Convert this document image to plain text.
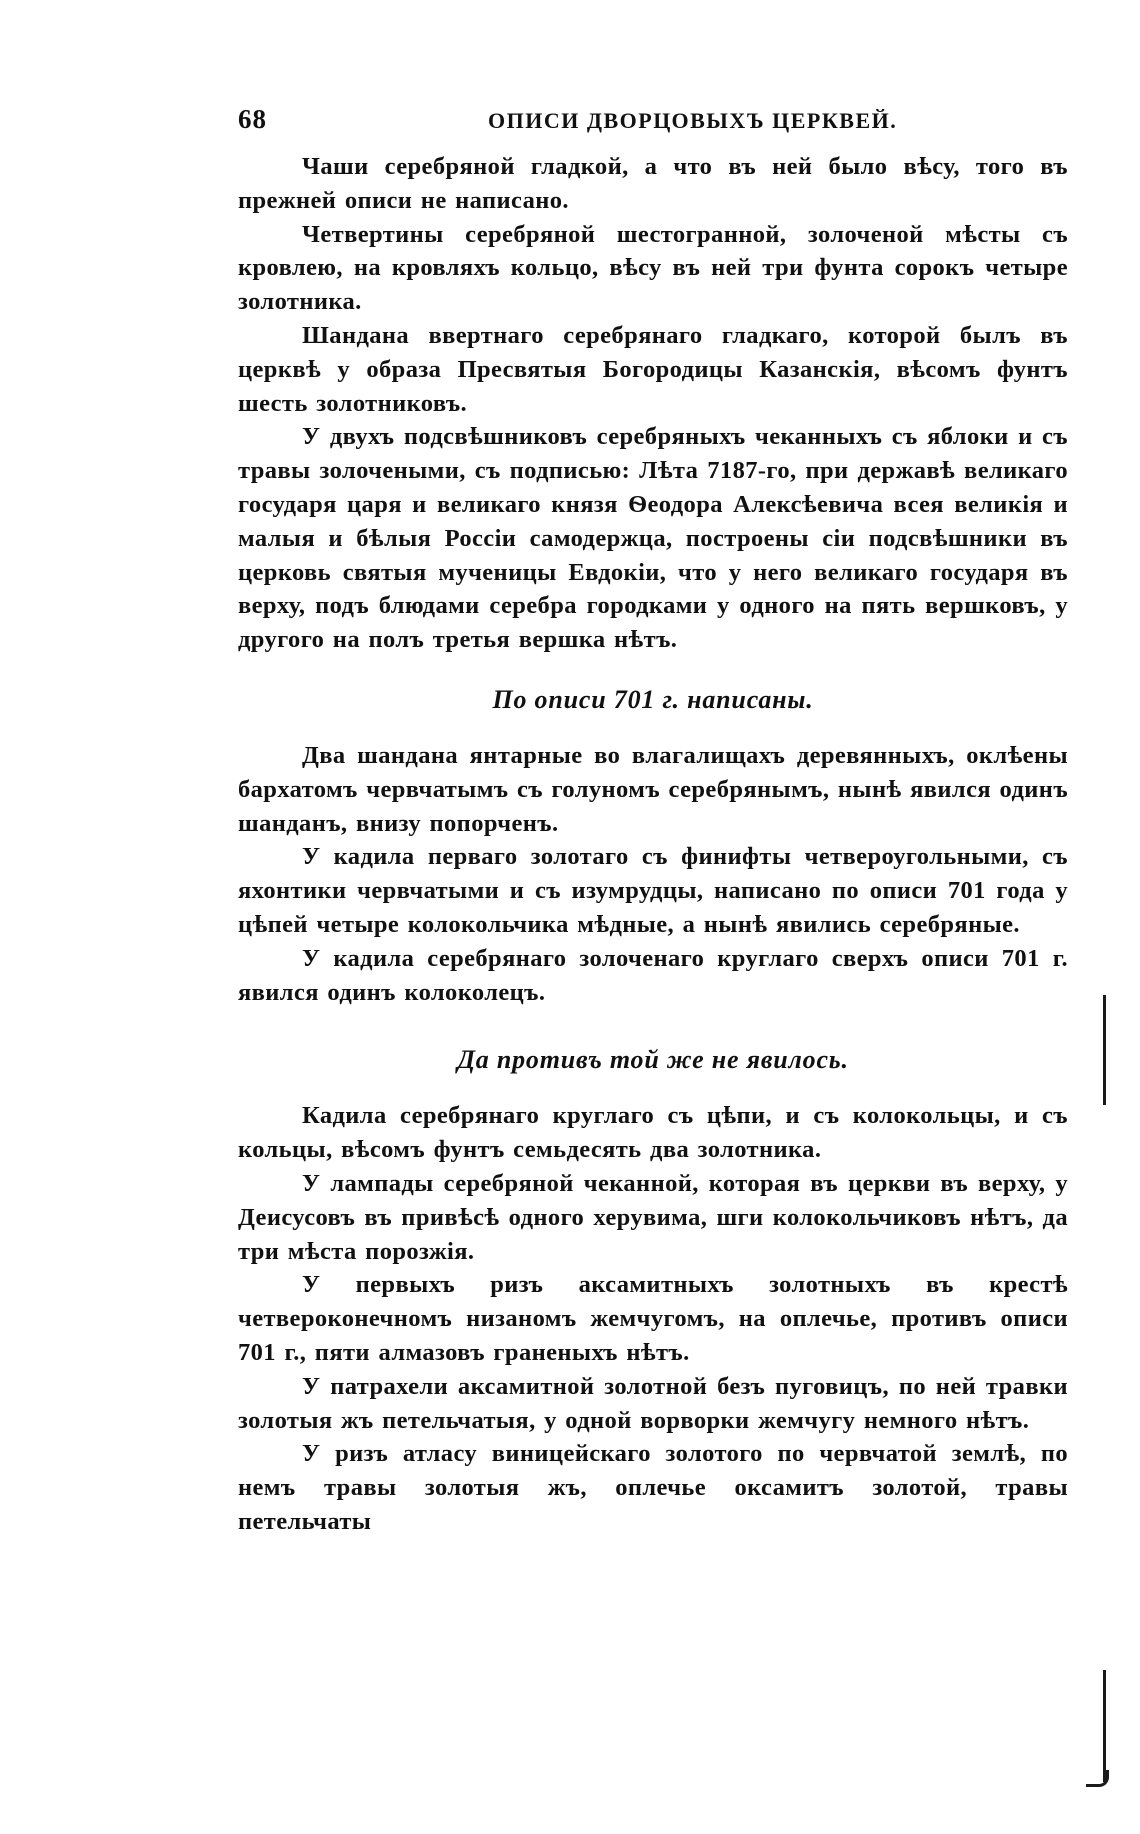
68	ОПИСИ ДВОРЦОВЫХЪ ЦЕРКВЕЙ.

Чаши серебряной гладкой, а что въ ней было вѣсу, того въ прежней описи не написано.

Четвертины серебряной шестогранной, золоченой мѣсты съ кровлею, на кровляхъ кольцо, вѣсу въ ней три фунта сорокъ четыре золотника.

Шандана ввертнаго серебрянаго гладкаго, которой былъ въ церквѣ у образа Пресвятыя Богородицы Казанскія, вѣсомъ фунтъ шесть золотниковъ.

У двухъ подсвѣшниковъ серебряныхъ чеканныхъ съ яблоки и съ травы золочеными, съ подписью: Лѣта 7187-го, при державѣ великаго государя царя и великаго князя Ѳеодора Алексѣевича всея великія и малыя и бѣлыя Россіи самодержца, построены сіи подсвѣшники въ церковь святыя мученицы Евдокіи, что у него великаго государя въ верху, подъ блюдами серебра городками у одного на пять вершковъ, у другого на полъ третья вершка нѣтъ.

По описи 701 г. написаны.

Два шандана янтарные во влагалищахъ деревянныхъ, оклѣены бархатомъ червчатымъ съ голуномъ серебрянымъ, нынѣ явился одинъ шанданъ, внизу попорченъ.

У кадила перваго золотаго съ финифты четвероугольными, съ яхонтики червчатыми и съ изумрудцы, написано по описи 701 года у цѣпей четыре колокольчика мѣдные, а нынѣ явились серебряные.

У кадила серебрянаго золоченаго круглаго сверхъ описи 701 г. явился одинъ колоколецъ.

Да противъ той же не явилось.

Кадила серебрянаго круглаго съ цѣпи, и съ колокольцы, и съ кольцы, вѣсомъ фунтъ семьдесять два золотника.

У лампады серебряной чеканной, которая въ церкви въ верху, у Деисусовъ въ привѣсѣ одного херувима, шги колокольчиковъ нѣтъ, да три мѣста порозжія.

У первыхъ ризъ аксамитныхъ золотныхъ въ крестѣ четвероконечномъ низаномъ жемчугомъ, на оплечье, противъ описи 701 г., пяти алмазовъ граненыхъ нѣтъ.

У патрахели аксамитной золотной безъ пуговицъ, по ней травки золотыя жъ петельчатыя, у одной ворворки жемчугу немного нѣтъ.

У ризъ атласу виницейскаго золотого по червчатой землѣ, по немъ травы золотыя жъ, оплечье оксамитъ золотой, травы петельчаты
